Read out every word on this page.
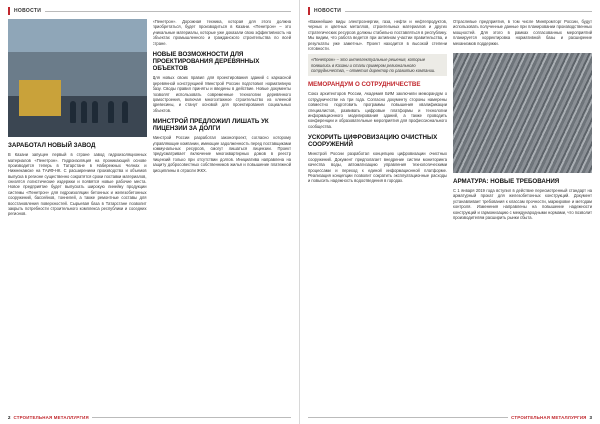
НОВОСТИ
ЗАРАБОТАЛ НОВЫЙ ЗАВОД

В Казани запущен первый в стране завод гидроизоляционных материалов «Пенетрон». Гидроизоляция на проникающей основе производится теперь в Татарстане в Набережных Челнах и Нижнекамске на ТАИФ-НК. С расширением производства и объемов выпуска в регионе существенно сократятся сроки поставки материалов, снизятся логистические издержки и появятся новые рабочие места. Новое предприятие будет выпускать широкую линейку продукции системы «Пенетрон» для гидроизоляции бетонных и железобетонных сооружений, бассейнов, тоннелей, а также ремонтные составы для восстановления поверхностей. Сырьевая база в Татарстане позволит закрыть потребности строительного комплекса республики и соседних регионов.

«Пенетрон». Дорожная техника, которая для этого должна приобретаться, будет производиться в Казани. «Пенетрон» – это уникальные материалы, которые уже доказали свою эффективность на объектах промышленного и гражданского строительства по всей стране.

НОВЫЕ ВОЗМОЖНОСТИ ДЛЯ ПРОЕКТИРОВАНИЯ ДЕРЕВЯННЫХ ОБЪЕКТОВ

Для новых своих правил для проектирования зданий с каркасной деревянной конструкцией Минстрой России подготовил нормативную базу. Своды правил приняты и введены в действие. Новые документы позволят использовать современные технологии деревянного домостроения, включая многоэтажное строительство из клееной древесины, и станут основой для проектирования социальных объектов.

МИНСТРОЙ ПРЕДЛОЖИЛ ЛИШАТЬ УК ЛИЦЕНЗИИ ЗА ДОЛГИ

Минстрой России разработал законопроект, согласно которому управляющие компании, имеющие задолженность перед поставщиками коммунальных ресурсов, смогут лишаться лицензии. Проект предусматривает включение многоквартирных домов в реестр лицензий только при отсутствии долгов. Инициатива направлена на защиту добросовестных собственников жилья и повышение платежной дисциплины в отрасли ЖКХ.

2 СТРОИТЕЛЬНАЯ МЕТАЛЛУРГИЯ
НОВОСТИ

«Важнейшие виды электроэнергии, газа, нефти и нефтепродуктов, черных и цветных металлов, строительных материалов и других стратегических ресурсов должны стабильно поставляться в республику. Мы видим, что работа ведется при активном участии правительства, и результаты уже заметны». Проект находится в высокой степени готовности.

«Пенетрон» – это интеллектуальные решения, которые появились в Казани и стали примером регионального сотрудничества, – отметил директор по развитию компании.
МЕМОРАНДУМ О СОТРУДНИЧЕСТВЕ

Союз архитекторов России, Академия БИМ заключили меморандум о сотрудничестве на три года. Согласно документу стороны намерены совместно подготовить программы повышения квалификации специалистов, развивать цифровые платформы и технологии информационного моделирования зданий, а также проводить конференции и образовательные мероприятия для профессионального сообщества.

УСКОРИТЬ ЦИФРОВИЗАЦИЮ ОЧИСТНЫХ СООРУЖЕНИЙ

Минстрой России разработал концепцию цифровизации очистных сооружений. Документ предполагает внедрение систем мониторинга качества воды, автоматизацию управления технологическими процессами и переход к единой информационной платформе. Реализация концепции позволит сократить эксплуатационные расходы и повысить надежность водоотведения в городах.

Отраслевые предприятия, в том числе Минпромторг России, будут использовать полученные данные при планировании производственных мощностей. Для этого в рамках согласованных мероприятий планируется корректировка нормативной базы и расширение механизмов поддержки.

АРМАТУРА: НОВЫЕ ТРЕБОВАНИЯ

С 1 января 2019 года вступил в действие пересмотренный стандарт на арматурный прокат для железобетонных конструкций. Документ устанавливает требования к классам прочности, маркировке и методам контроля. Изменения направлены на повышение надежности конструкций и гармонизацию с международными нормами, что позволит производителям расширить рынки сбыта.

СТРОИТЕЛЬНАЯ МЕТАЛЛУРГИЯ 3
